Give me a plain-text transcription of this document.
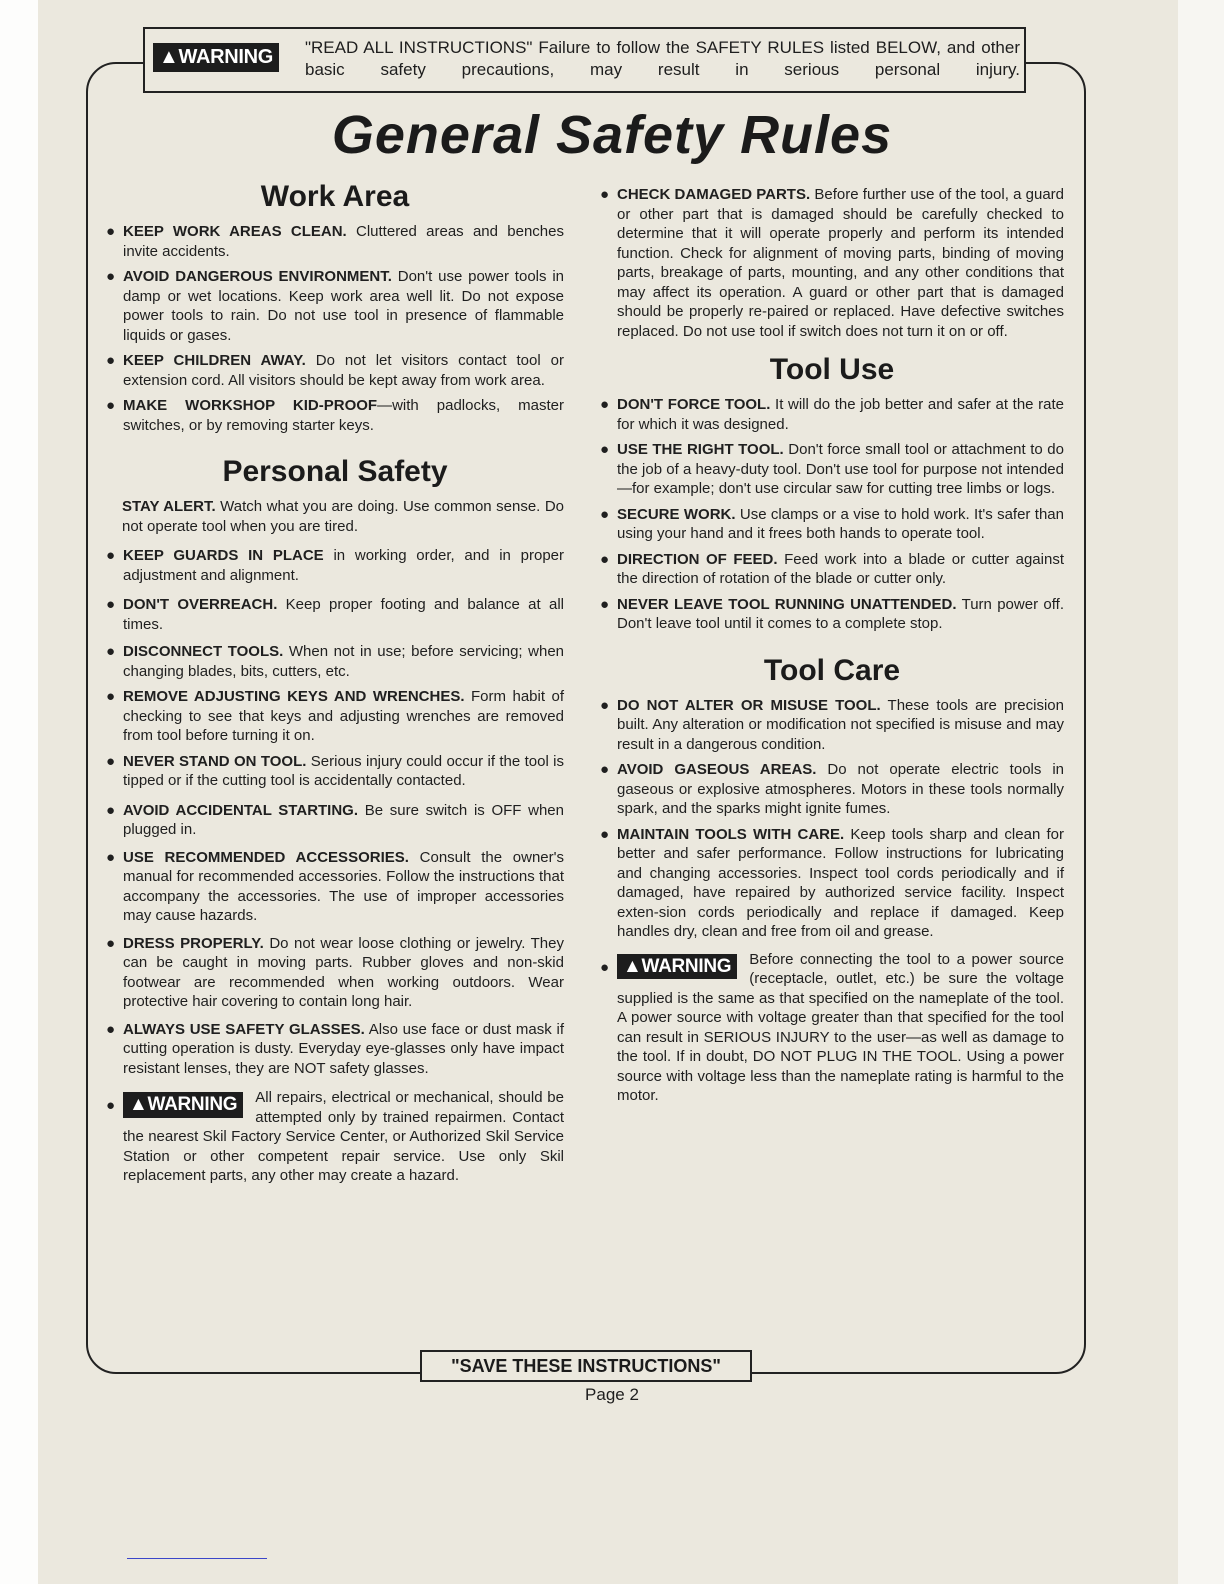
▲WARNING	"READ ALL INSTRUCTIONS" Failure to follow the SAFETY RULES listed BELOW, and other basic safety precautions, may result in serious personal injury.
General Safety Rules
Work Area
● KEEP WORK AREAS CLEAN. Cluttered areas and benches invite accidents.
● AVOID DANGEROUS ENVIRONMENT. Don't use power tools in damp or wet locations. Keep work area well lit. Do not expose power tools to rain. Do not use tool in presence of flammable liquids or gases.
● KEEP CHILDREN AWAY. Do not let visitors contact tool or extension cord. All visitors should be kept away from work area.
● MAKE WORKSHOP KID-PROOF—with padlocks, master switches, or by removing starter keys.
Personal Safety
STAY ALERT. Watch what you are doing. Use common sense. Do not operate tool when you are tired.
● KEEP GUARDS IN PLACE in working order, and in proper adjustment and alignment.
● DON'T OVERREACH. Keep proper footing and balance at all times.
● DISCONNECT TOOLS. When not in use; before servicing; when changing blades, bits, cutters, etc.
● REMOVE ADJUSTING KEYS AND WRENCHES. Form habit of checking to see that keys and adjusting wrenches are removed from tool before turning it on.
● NEVER STAND ON TOOL. Serious injury could occur if the tool is tipped or if the cutting tool is accidentally contacted.
● AVOID ACCIDENTAL STARTING. Be sure switch is OFF when plugged in.
● USE RECOMMENDED ACCESSORIES. Consult the owner's manual for recommended accessories. Follow the instructions that accompany the accessories. The use of improper accessories may cause hazards.
● DRESS PROPERLY. Do not wear loose clothing or jewelry. They can be caught in moving parts. Rubber gloves and non-skid footwear are recommended when working outdoors. Wear protective hair covering to contain long hair.
● ALWAYS USE SAFETY GLASSES. Also use face or dust mask if cutting operation is dusty. Everyday eye-glasses only have impact resistant lenses, they are NOT safety glasses.
● ▲WARNING	All repairs, electrical or mechanical, should be attempted only by trained repairmen. Contact the nearest Skil Factory Service Center, or Authorized Skil Service Station or other competent repair service. Use only Skil replacement parts, any other may create a hazard.
● CHECK DAMAGED PARTS. Before further use of the tool, a guard or other part that is damaged should be carefully checked to determine that it will operate properly and perform its intended function. Check for alignment of moving parts, binding of moving parts, breakage of parts, mounting, and any other conditions that may affect its operation. A guard or other part that is damaged should be properly re-paired or replaced. Have defective switches replaced. Do not use tool if switch does not turn it on or off.
Tool Use
● DON'T FORCE TOOL. It will do the job better and safer at the rate for which it was designed.
● USE THE RIGHT TOOL. Don't force small tool or attachment to do the job of a heavy-duty tool. Don't use tool for purpose not intended—for example; don't use circular saw for cutting tree limbs or logs.
● SECURE WORK. Use clamps or a vise to hold work. It's safer than using your hand and it frees both hands to operate tool.
● DIRECTION OF FEED. Feed work into a blade or cutter against the direction of rotation of the blade or cutter only.
● NEVER LEAVE TOOL RUNNING UNATTENDED. Turn power off. Don't leave tool until it comes to a complete stop.
Tool Care
● DO NOT ALTER OR MISUSE TOOL. These tools are precision built. Any alteration or modification not specified is misuse and may result in a dangerous condition.
● AVOID GASEOUS AREAS. Do not operate electric tools in gaseous or explosive atmospheres. Motors in these tools normally spark, and the sparks might ignite fumes.
● MAINTAIN TOOLS WITH CARE. Keep tools sharp and clean for better and safer performance. Follow instructions for lubricating and changing accessories. Inspect tool cords periodically and if damaged, have repaired by authorized service facility. Inspect exten-sion cords periodically and replace if damaged. Keep handles dry, clean and free from oil and grease.
● ▲WARNING	Before connecting the tool to a power source (receptacle, outlet, etc.) be sure the voltage supplied is the same as that specified on the nameplate of the tool. A power source with voltage greater than that specified for the tool can result in SERIOUS INJURY to the user—as well as damage to the tool. If in doubt, DO NOT PLUG IN THE TOOL. Using a power source with voltage less than the nameplate rating is harmful to the motor.
"SAVE THESE INSTRUCTIONS"
Page 2
